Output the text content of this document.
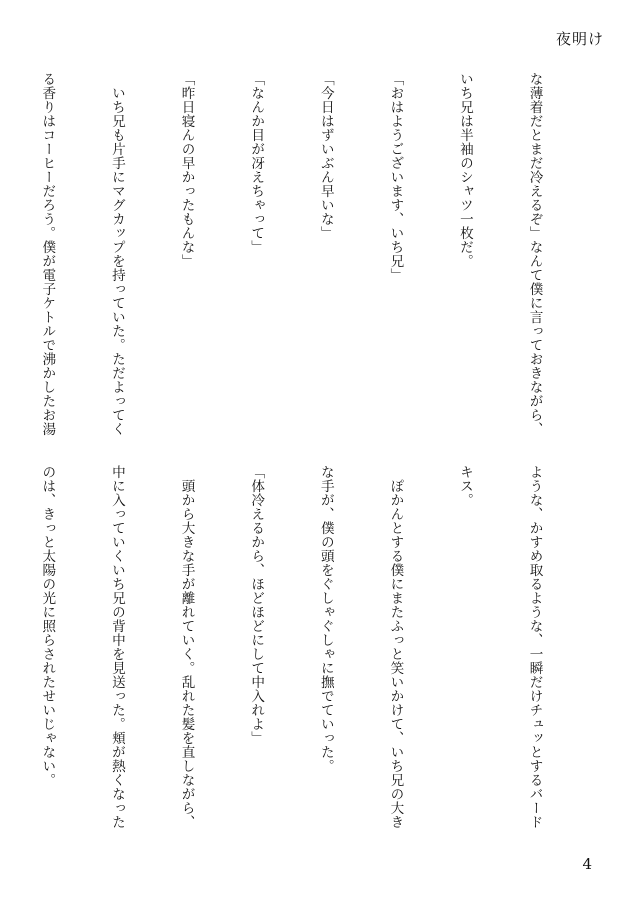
夜明け

な薄着だとまだ冷えるぞ」なんて僕に言っておきながら、

いち兄は半袖のシャツ一枚だ。

「おはようございます、いち兄」

「今日はずいぶん早いな」

「なんか目が冴えちゃって」

「昨日寝んの早かったもんな」

　いち兄も片手にマグカップを持っていた。ただよってく

る香りはコーヒーだろう。僕が電子ケトルで沸かしたお湯

ような、かすめ取るような、一瞬だけチュッとするバード

キス。

　ぽかんとする僕にまたふっと笑いかけて、いち兄の大き

な手が、僕の頭をぐしゃぐしゃに撫でていった。

「体冷えるから、ほどほどにして中入れよ」

　頭から大きな手が離れていく。乱れた髪を直しながら、

中に入っていくいち兄の背中を見送った。頬が熱くなった

のは、きっと太陽の光に照らされたせいじゃない。

4
